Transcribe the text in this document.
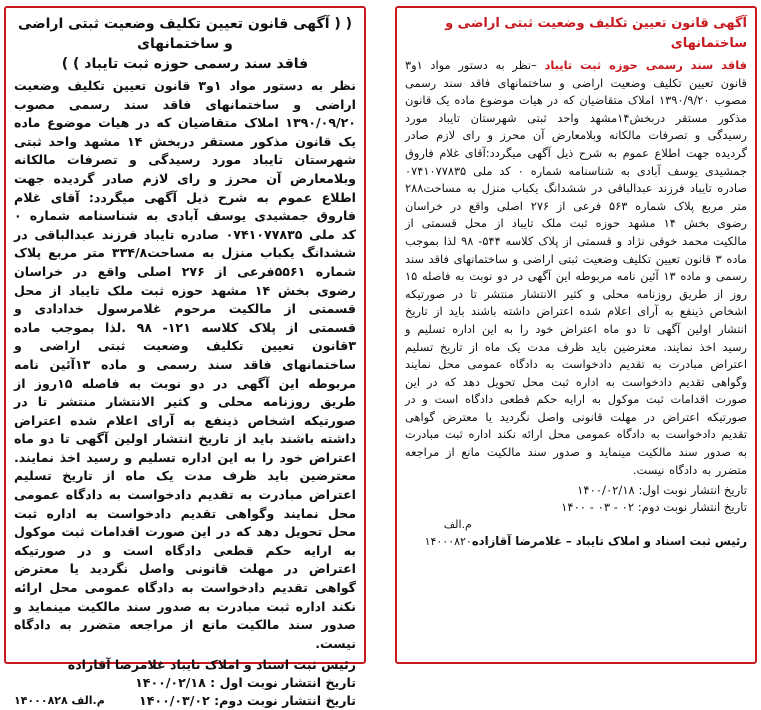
( ( آگهی قانون تعیین تکلیف وضعیت ثبتی اراضی و ساختمانهای
فاقد سند رسمی حوزه ثبت تایباد ) )
نظر به دستور مواد ۱و۳ قانون تعیین تکلیف وضعیت اراضی و ساختمانهای فاقد سند رسمی مصوب ۱۳۹۰/۰۹/۲۰ املاک متقاضیان که در هیات موضوع ماده یک قانون مذکور مستقر دربخش ۱۴ مشهد واحد ثبتی شهرستان تایباد مورد رسیدگی و تصرفات مالکانه وبلامعارض آن محرز و رای لازم صادر گردیده جهت اطلاع عموم به شرح ذیل آگهی میگردد: آقای غلام فاروق جمشیدی یوسف آبادی به شناسنامه شماره ۰ کد ملی ۰۷۴۱۰۷۷۸۳۵ صادره تایباد فرزند عبدالباقی در ششدانگ یکباب منزل به مساحت۳۳۴/۸ متر مربع پلاک شماره ۵۵۶۱فرعی از ۲۷۶ اصلی واقع در خراسان رضوی بخش ۱۴ مشهد حوزه ثبت ملک تایباد از محل قسمتی از مالکیت مرحوم غلامرسول خدادادی و قسمتی از پلاک کلاسه ۱۲۱- ۹۸ .لذا بموجب ماده ۳قانون تعیین تکلیف وضعیت ثبتی اراضی و ساختمانهای فاقد سند رسمی و ماده ۱۳آئین نامه مربوطه این آگهی در دو نوبت به فاصله ۱۵روز از طریق روزنامه محلی و کثیر الانتشار منتشر تا در صورتیکه اشخاص ذینفع به آرای اعلام شده اعتراض داشته باشند باید از تاریخ انتشار اولین آگهی تا دو ماه اعتراض خود را به این اداره تسلیم و رسید اخذ نمایند. معترضین باید ظرف مدت یک ماه از تاریخ تسلیم اعتراض مبادرت به تقدیم دادخواست به دادگاه عمومی محل نمایند وگواهی تقدیم دادخواست به اداره ثبت محل تحویل دهد که در این صورت اقدامات ثبت موکول به ارایه حکم قطعی دادگاه است و در صورتیکه اعتراض در مهلت قانونی واصل نگردید یا معترض گواهی تقدیم دادخواست به دادگاه عمومی محل ارائه نکند اداره ثبت مبادرت به صدور سند مالکیت مینماید و صدور سند مالکیت مانع از مراجعه متضرر به دادگاه نیست.
رئیس ثبت اسناد و املاک تایباد غلامرضا آقازاده
تاریخ انتشار نوبت اول : ۱۴۰۰/۰۲/۱۸
تاریخ انتشار نوبت دوم: ۱۴۰۰/۰۳/۰۲
م.الف ۱۴۰۰۰۸۲۸
آگهی قانون تعیین تکلیف وضعیت ثبتی اراضی و ساختمانهای
فاقد سند رسمی حوزه ثبت تایباد –نظر به دستور مواد ۱و۳ قانون تعیین تکلیف وضعیت اراضی و ساختمانهای فاقد سند رسمی مصوب ۱۳۹۰/۹/۲۰ املاک متقاضیان که در هیات موضوع ماده یک قانون مذکور مستقر دربخش۱۴مشهد واحد ثبتی شهرستان تایباد مورد رسیدگی و تصرفات مالکانه وبلامعارض آن محرز و رای لازم صادر گردیده جهت اطلاع عموم به شرح ذیل آگهی میگردد:آقای غلام فاروق جمشیدی یوسف آبادی به شناسنامه شماره ۰ کد ملی ۰۷۴۱۰۷۷۸۳۵ صادره تایباد فرزند عبدالباقی در ششدانگ یکباب منزل به مساحت۲۸۸ متر مربع پلاک شماره ۵۶۳ فرعی از ۲۷۶ اصلی واقع در خراسان رضوی بخش ۱۴ مشهد حوزه ثبت ملک تایباد از محل قسمتی از مالکیت محمد خوقی نژاد و قسمتی از پلاک کلاسه ۵۴۴- ۹۸ لذا بموجب ماده ۳ قانون تعیین تکلیف وضعیت ثبتی اراضی و ساختمانهای فاقد سند رسمی و ماده ۱۳ آئین نامه مربوطه این آگهی در دو نوبت به فاصله ۱۵ روز از طریق روزنامه محلی و کثیر الانتشار منتشر تا در صورتیکه اشخاص ذینفع به آرای اعلام شده اعتراض داشته باشند باید از تاریخ انتشار اولین آگهی تا دو ماه اعتراض خود را به این اداره تسلیم و رسید اخذ نمایند. معترضین باید ظرف مدت یک ماه از تاریخ تسلیم اعتراض مبادرت به تقدیم دادخواست به دادگاه عمومی محل نمایند وگواهی تقدیم دادخواست به اداره ثبت محل تحویل دهد که در این صورت اقدامات ثبت موکول به ارایه حکم قطعی دادگاه است و در صورتیکه اعتراض در مهلت قانونی واصل نگردید یا معترض گواهی تقدیم دادخواست به دادگاه عمومی محل ارائه نکند اداره ثبت مبادرت به صدور سند مالکیت مینماید و صدور سند مالکیت مانع از مراجعه متضرر به دادگاه نیست.
تاریخ انتشار نوبت اول: ۱۴۰۰/۰۲/۱۸
تاریخ انتشار نوبت دوم: ۰۲ - ۰۳ - ۱۴۰۰
رئیس ثبت اسناد و املاک تایباد – غلامرضا آقازاده
م.الف ۱۴۰۰۰۸۲۰
